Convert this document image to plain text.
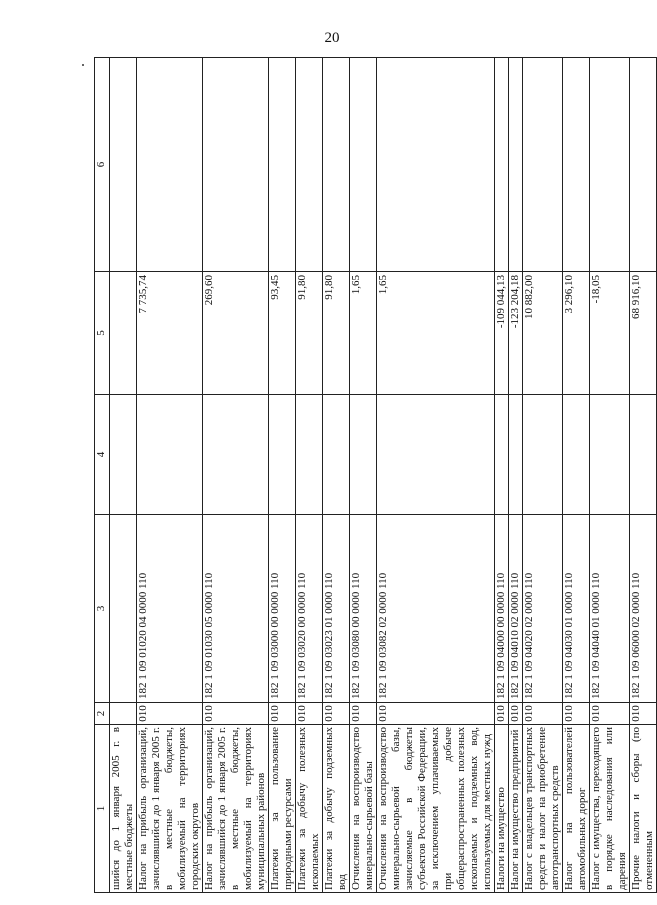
20
1	2	3	4	5	6
шийся до 1 января 2005 г. в местные бюджеты					
Налог на прибыль организаций, зачислявшийся до 1 января 2005 г. в местные бюджеты, мобилизуемый на территориях городских округов	010	182 1 09 01020 04 0000 110		7 735,74	
Налог на прибыль организаций, зачислявшийся до 1 января 2005 г. в местные бюджеты, мобилизуемый на территориях муниципальных районов	010	182 1 09 01030 05 0000 110		269,60	
Платежи за пользование природными ресурсами	010	182 1 09 03000 00 0000 110		93,45	
Платежи за добычу полезных ископаемых	010	182 1 09 03020 00 0000 110		91,80	
Платежи за добычу подземных вод	010	182 1 09 03023 01 0000 110		91,80	
Отчисления на воспроизводство минерально-сырьевой базы	010	182 1 09 03080 00 0000 110		1,65	
Отчисления на воспроизводство минерально-сырьевой базы, зачисляемые в бюджеты субъектов Российской Федерации, за исключением уплачиваемых при добыче общераспространенных полезных ископаемых и подземных вод, используемых для местных нужд	010	182 1 09 03082 02 0000 110		1,65	
Налоги на имущество	010	182 1 09 04000 00 0000 110		-109 044,13	
Налог на имущество предприятий	010	182 1 09 04010 02 0000 110		-123 204,18	
Налог с владельцев транспортных средств и налог на приобретение автотранспортных средств	010	182 1 09 04020 02 0000 110		10 882,00	
Налог на пользователей автомобильных дорог	010	182 1 09 04030 01 0000 110		3 296,10	
Налог с имущества, переходящего в порядке наследования или дарения	010	182 1 09 04040 01 0000 110		-18,05	
Прочие налоги и сборы (по отмененным	010	182 1 09 06000 02 0000 110		68 916,10	
